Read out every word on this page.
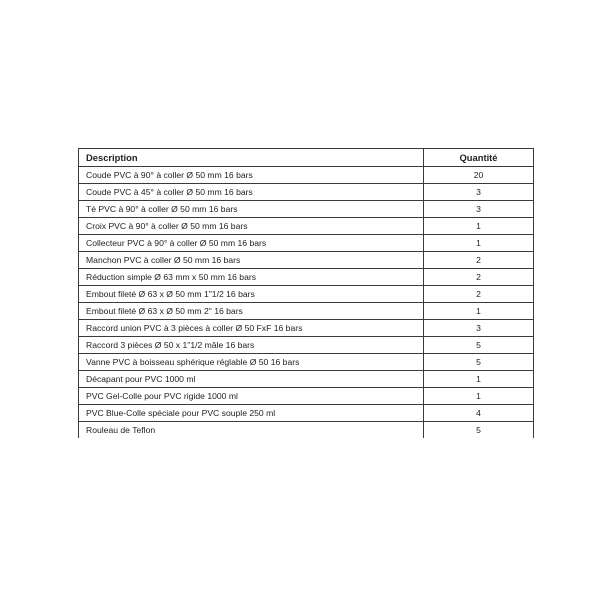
Description	Quantité
Coude PVC à 90° à coller Ø 50 mm 16 bars	20
Coude PVC à 45° à coller Ø 50 mm 16 bars	3
Té PVC à 90° à coller Ø 50 mm 16 bars	3
Croix PVC à 90° à coller Ø 50 mm 16 bars	1
Collecteur PVC à 90° à coller Ø 50 mm 16 bars	1
Manchon PVC à coller Ø 50 mm 16 bars	2
Réduction simple Ø 63 mm x 50 mm 16 bars	2
Embout fileté Ø 63 x Ø 50 mm 1"1/2 16 bars	2
Embout fileté Ø 63 x Ø 50 mm 2" 16 bars	1
Raccord union PVC à 3 pièces à coller Ø 50 FxF 16 bars	3
Raccord 3 pièces Ø 50 x 1"1/2 mâle 16 bars	5
Vanne PVC à boisseau sphérique réglable Ø 50 16 bars	5
Décapant pour PVC 1000 ml	1
PVC Gel-Colle pour PVC rigide 1000 ml	1
PVC Blue-Colle spéciale pour PVC souple 250 ml	4
Rouleau de Teflon	5
